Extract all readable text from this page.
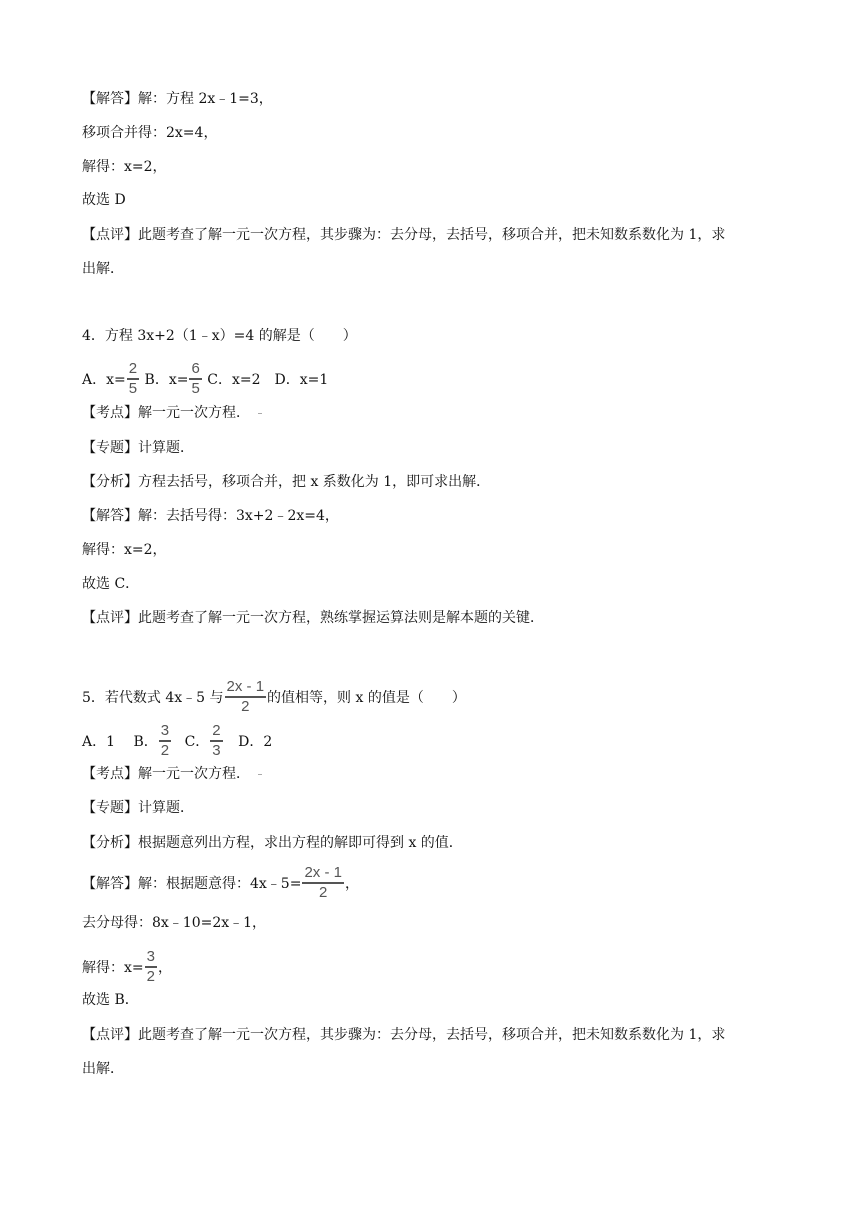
【解答】解：方程 2x﹣1=3，
移项合并得：2x=4，
解得：x=2，
故选 D
【点评】此题考查了解一元一次方程，其步骤为：去分母，去括号，移项合并，把未知数系数化为 1，求
出解．
4．方程 3x+2（1﹣x）=4 的解是（　　）
A．$x= \frac{2}{5}$ B．$x= \frac{6}{5}$ C．x=2　D．x=1
【考点】解一元一次方程．
【专题】计算题．
【分析】方程去括号，移项合并，把 x 系数化为 1，即可求出解．
【解答】解：去括号得：3x+2﹣2x=4，
解得：x=2，
故选 C．
【点评】此题考查了解一元一次方程，熟练掌握运算法则是解本题的关键．
5．若代数式 4x﹣5 与 $\frac{2x - 1}{2}$ 的值相等，则 x 的值是（　　）
A．1　 B． $\frac{3}{2}$ C． $\frac{2}{3}$ D．2
【考点】解一元一次方程．
【专题】计算题．
【分析】根据题意列出方程，求出方程的解即可得到 x 的值．
【解答】解：根据题意得：4x﹣5= $\frac{2x - 1}{2}$ ，
去分母得：8x﹣10=2x﹣1，
解得：$x= \frac{3}{2}$ ，
故选 B．
【点评】此题考查了解一元一次方程，其步骤为：去分母，去括号，移项合并，把未知数系数化为 1，求
出解．
